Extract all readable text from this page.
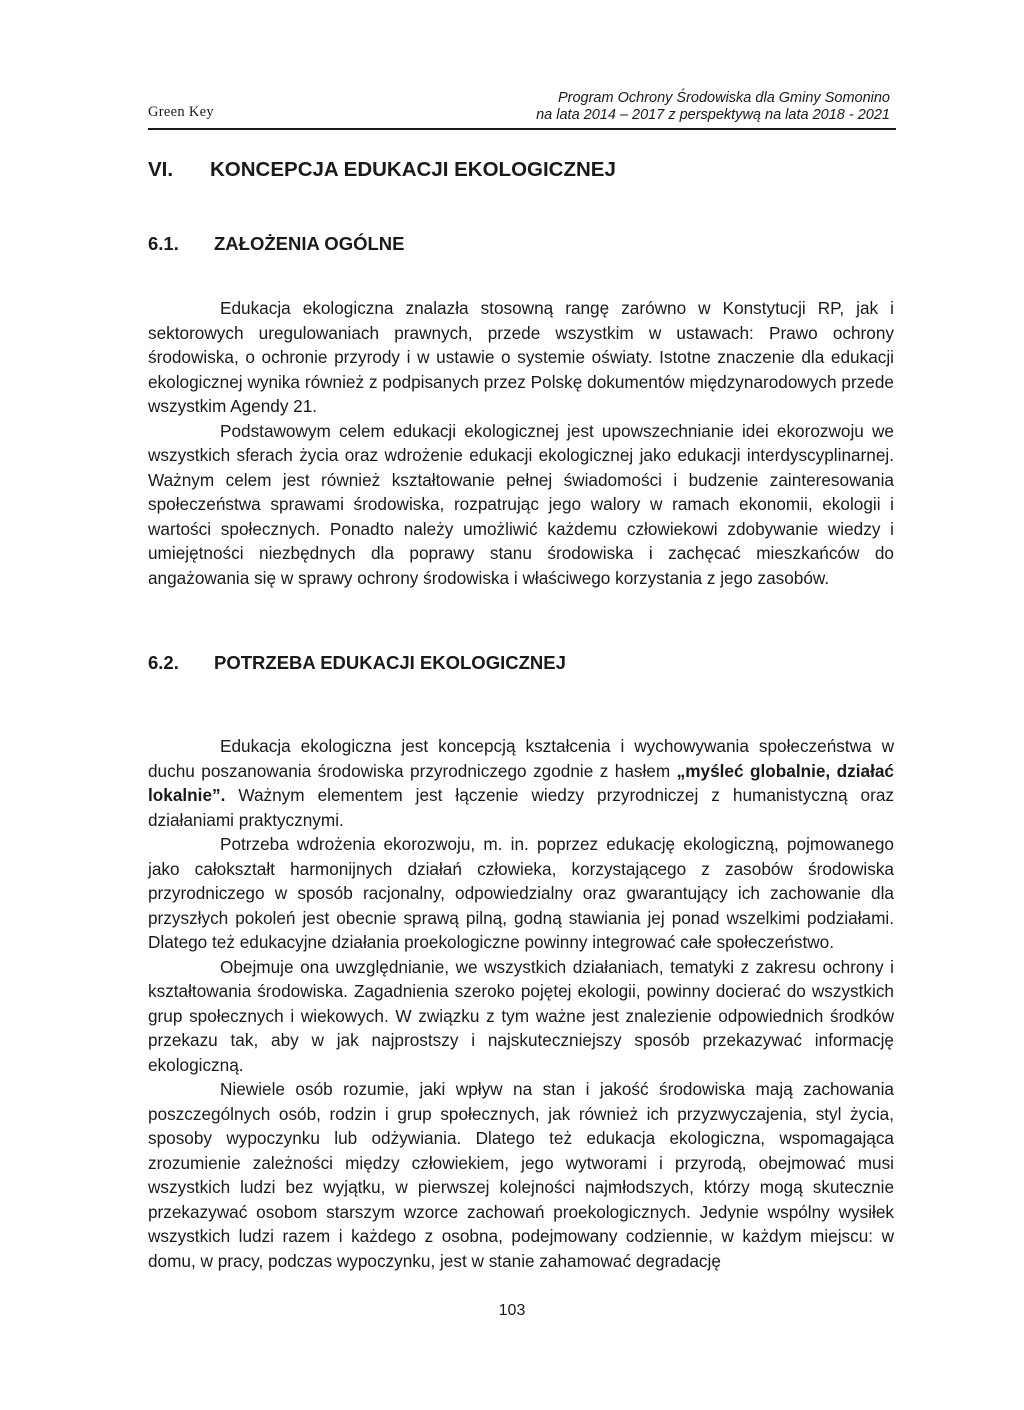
Green Key
Program Ochrony Środowiska dla Gminy Somonino
na lata 2014 – 2017 z perspektywą na lata 2018 - 2021
VI. KONCEPCJA EDUKACJI EKOLOGICZNEJ
6.1. ZAŁOŻENIA OGÓLNE

Edukacja ekologiczna znalazła stosowną rangę zarówno w Konstytucji RP, jak i sektorowych uregulowaniach prawnych, przede wszystkim w ustawach: Prawo ochrony środowiska, o ochronie przyrody i w ustawie o systemie oświaty. Istotne znaczenie dla edukacji ekologicznej wynika również z podpisanych przez Polskę dokumentów międzynarodowych przede wszystkim Agendy 21.

Podstawowym celem edukacji ekologicznej jest upowszechnianie idei ekorozwoju we wszystkich sferach życia oraz wdrożenie edukacji ekologicznej jako edukacji interdyscyplinarnej. Ważnym celem jest również kształtowanie pełnej świadomości i budzenie zainteresowania społeczeństwa sprawami środowiska, rozpatrując jego walory w ramach ekonomii, ekologii i wartości społecznych. Ponadto należy umożliwić każdemu człowiekowi zdobywanie wiedzy i umiejętności niezbędnych dla poprawy stanu środowiska i zachęcać mieszkańców do angażowania się w sprawy ochrony środowiska i właściwego korzystania z jego zasobów.

6.2. POTRZEBA EDUKACJI EKOLOGICZNEJ

Edukacja ekologiczna jest koncepcją kształcenia i wychowywania społeczeństwa w duchu poszanowania środowiska przyrodniczego zgodnie z hasłem „myśleć globalnie, działać lokalnie”. Ważnym elementem jest łączenie wiedzy przyrodniczej z humanistyczną oraz działaniami praktycznymi.

Potrzeba wdrożenia ekorozwoju, m. in. poprzez edukację ekologiczną, pojmowanego jako całokształt harmonijnych działań człowieka, korzystającego z zasobów środowiska przyrodniczego w sposób racjonalny, odpowiedzialny oraz gwarantujący ich zachowanie dla przyszłych pokoleń jest obecnie sprawą pilną, godną stawiania jej ponad wszelkimi podziałami. Dlatego też edukacyjne działania proekologiczne powinny integrować całe społeczeństwo.

Obejmuje ona uwzględnianie, we wszystkich działaniach, tematyki z zakresu ochrony i kształtowania środowiska. Zagadnienia szeroko pojętej ekologii, powinny docierać do wszystkich grup społecznych i wiekowych. W związku z tym ważne jest znalezienie odpowiednich środków przekazu tak, aby w jak najprostszy i najskuteczniejszy sposób przekazywać informację ekologiczną.

Niewiele osób rozumie, jaki wpływ na stan i jakość środowiska mają zachowania poszczególnych osób, rodzin i grup społecznych, jak również ich przyzwyczajenia, styl życia, sposoby wypoczynku lub odżywiania. Dlatego też edukacja ekologiczna, wspomagająca zrozumienie zależności między człowiekiem, jego wytworami i przyrodą, obejmować musi wszystkich ludzi bez wyjątku, w pierwszej kolejności najmłodszych, którzy mogą skutecznie przekazywać osobom starszym wzorce zachowań proekologicznych. Jedynie wspólny wysiłek wszystkich ludzi razem i każdego z osobna, podejmowany codziennie, w każdym miejscu: w domu, w pracy, podczas wypoczynku, jest w stanie zahamować degradację

103
